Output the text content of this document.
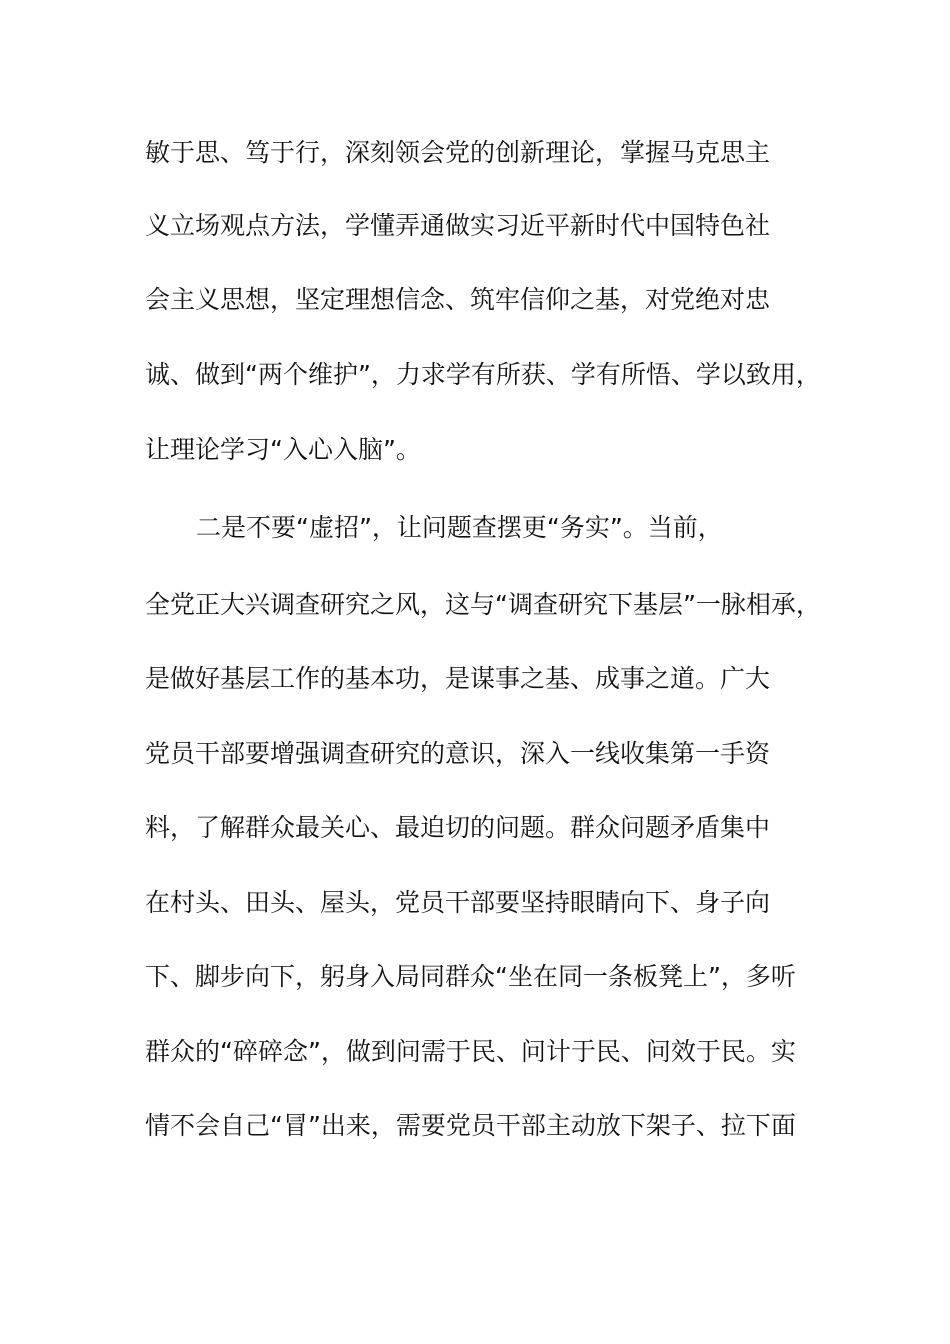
敏于思、笃于行，深刻领会党的创新理论，掌握马克思主
义立场观点方法，学懂弄通做实习近平新时代中国特色社
会主义思想，坚定理想信念、筑牢信仰之基，对党绝对忠
诚、做到“两个维护”，力求学有所获、学有所悟、学以致用，
让理论学习“入心入脑”。
二是不要“虚招”，让问题查摆更“务实”。当前，
全党正大兴调查研究之风，这与“调查研究下基层”一脉相承，
是做好基层工作的基本功，是谋事之基、成事之道。广大
党员干部要增强调查研究的意识，深入一线收集第一手资
料，了解群众最关心、最迫切的问题。群众问题矛盾集中
在村头、田头、屋头，党员干部要坚持眼睛向下、身子向
下、脚步向下，躬身入局同群众“坐在同一条板凳上”，多听
群众的“碎碎念”，做到问需于民、问计于民、问效于民。实
情不会自己“冒”出来，需要党员干部主动放下架子、拉下面
